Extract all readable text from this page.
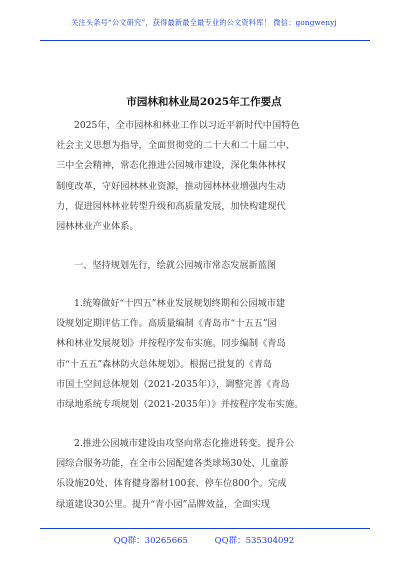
关注头条号“公文研究”，获得最新最全最专业的公文资料库！ 微信：gongwenyj
市园林和林业局2025年工作要点
2025年，全市园林和林业工作以习近平新时代中国特色
社会主义思想为指导，全面贯彻党的二十大和二十届二中、
三中全会精神，常态化推进公园城市建设，深化集体林权
制度改革，守好园林林业资源，推动园林林业增强内生动
力，促进园林林业转型升级和高质量发展，加快构建现代
园林林业产业体系。
一、坚持规划先行，绘就公园城市常态发展新蓝图
1.统筹做好“十四五”林业发展规划终期和公园城市建
设规划定期评估工作。高质量编制《青岛市“十五五”园
林和林业发展规划》并按程序发布实施。同步编制《青岛
市“十五五”森林防火总体规划》。根据已批复的《青岛
市国土空间总体规划（2021-2035年）》，调整完善《青岛
市绿地系统专项规划（2021-2035年）》并按程序发布实施。
2.推进公园城市建设由攻坚向常态化推进转变。提升公
园综合服务功能，在全市公园配建各类球场30处、儿童游
乐设施20处、体育健身器材100套、停车位800个。完成
绿道建设30公里。提升“青小园”品牌效益，全面实现
QQ群：30265665	QQ群：535304092
